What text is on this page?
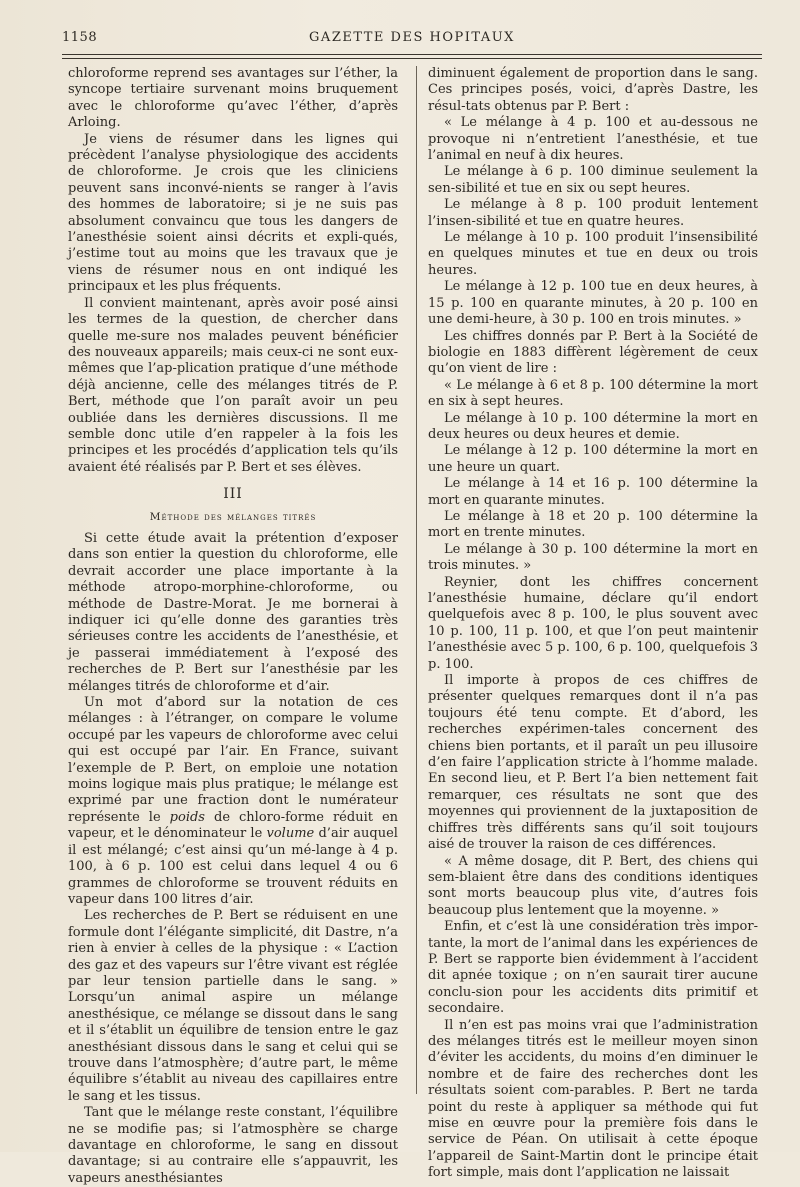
1158	GAZETTE DES HOPITAUX

chloroforme reprend ses avantages sur l’éther, la syncope tertiaire survenant moins bruquement avec le chloroforme qu’avec l’éther, d’après Arloing.

Je viens de résumer dans les lignes qui précèdent l’analyse physiologique des accidents de chloroforme. Je crois que les cliniciens peuvent sans inconvé-nients se ranger à l’avis des hommes de laboratoire; si je ne suis pas absolument convaincu que tous les dangers de l’anesthésie soient ainsi décrits et expli-qués, j’estime tout au moins que les travaux que je viens de résumer nous en ont indiqué les principaux et les plus fréquents.

Il convient maintenant, après avoir posé ainsi les termes de la question, de chercher dans quelle me-sure nos malades peuvent bénéficier des nouveaux appareils; mais ceux-ci ne sont eux-mêmes que l’ap-plication pratique d’une méthode déjà ancienne, celle des mélanges titrés de P. Bert, méthode que l’on paraît avoir un peu oubliée dans les dernières discussions. Il me semble donc utile d’en rappeler à la fois les principes et les procédés d’application tels qu’ils avaient été réalisés par P. Bert et ses élèves.

III
Méthode des mélanges titrés

Si cette étude avait la prétention d’exposer dans son entier la question du chloroforme, elle devrait accorder une place importante à la méthode atropo-morphine-chloroforme, ou méthode de Dastre-Morat. Je me bornerai à indiquer ici qu’elle donne des garanties très sérieuses contre les accidents de l’anesthésie, et je passerai immédiatement à l’exposé des recherches de P. Bert sur l’anesthésie par les mélanges titrés de chloroforme et d’air.

Un mot d’abord sur la notation de ces mélanges : à l’étranger, on compare le volume occupé par les vapeurs de chloroforme avec celui qui est occupé par l’air. En France, suivant l’exemple de P. Bert, on emploie une notation moins logique mais plus pratique; le mélange est exprimé par une fraction dont le numérateur représente le poids de chloro-forme réduit en vapeur, et le dénominateur le volume d’air auquel il est mélangé; c’est ainsi qu’un mé-lange à 4 p. 100, à 6 p. 100 est celui dans lequel 4 ou 6 grammes de chloroforme se trouvent réduits en vapeur dans 100 litres d’air.

Les recherches de P. Bert se réduisent en une formule dont l’élégante simplicité, dit Dastre, n’a rien à envier à celles de la physique : « L’action des gaz et des vapeurs sur l’être vivant est réglée par leur tension partielle dans le sang. » Lorsqu’un animal aspire un mélange anesthésique, ce mélange se dissout dans le sang et il s’établit un équilibre de tension entre le gaz anesthésiant dissous dans le sang et celui qui se trouve dans l’atmosphère; d’autre part, le même équilibre s’établit au niveau des capillaires entre le sang et les tissus.

Tant que le mélange reste constant, l’équilibre ne se modifie pas; si l’atmosphère se charge davantage en chloroforme, le sang en dissout davantage; si au contraire elle s’appauvrit, les vapeurs anesthésiantes

diminuent également de proportion dans le sang. Ces principes posés, voici, d’après Dastre, les résul-tats obtenus par P. Bert :

« Le mélange à 4 p. 100 et au-dessous ne provoque ni n’entretient l’anesthésie, et tue l’animal en neuf à dix heures.

Le mélange à 6 p. 100 diminue seulement la sen-sibilité et tue en six ou sept heures.

Le mélange à 8 p. 100 produit lentement l’insen-sibilité et tue en quatre heures.

Le mélange à 10 p. 100 produit l’insensibilité en quelques minutes et tue en deux ou trois heures.

Le mélange à 12 p. 100 tue en deux heures, à 15 p. 100 en quarante minutes, à 20 p. 100 en une demi-heure, à 30 p. 100 en trois minutes. »

Les chiffres donnés par P. Bert à la Société de biologie en 1883 diffèrent légèrement de ceux qu’on vient de lire :

« Le mélange à 6 et 8 p. 100 détermine la mort en six à sept heures.

Le mélange à 10 p. 100 détermine la mort en deux heures ou deux heures et demie.

Le mélange à 12 p. 100 détermine la mort en une heure un quart.

Le mélange à 14 et 16 p. 100 détermine la mort en quarante minutes.

Le mélange à 18 et 20 p. 100 détermine la mort en trente minutes.

Le mélange à 30 p. 100 détermine la mort en trois minutes. »

Reynier, dont les chiffres concernent l’anesthésie humaine, déclare qu’il endort quelquefois avec 8 p. 100, le plus souvent avec 10 p. 100, 11 p. 100, et que l’on peut maintenir l’anesthésie avec 5 p. 100, 6 p. 100, quelquefois 3 p. 100.

Il importe à propos de ces chiffres de présenter quelques remarques dont il n’a pas toujours été tenu compte. Et d’abord, les recherches expérimen-tales concernent des chiens bien portants, et il paraît un peu illusoire d’en faire l’application stricte à l’homme malade. En second lieu, et P. Bert l’a bien nettement fait remarquer, ces résultats ne sont que des moyennes qui proviennent de la juxtaposition de chiffres très différents sans qu’il soit toujours aisé de trouver la raison de ces différences.

« A même dosage, dit P. Bert, des chiens qui sem-blaient être dans des conditions identiques sont morts beaucoup plus vite, d’autres fois beaucoup plus lentement que la moyenne. »

Enfin, et c’est là une considération très impor-tante, la mort de l’animal dans les expériences de P. Bert se rapporte bien évidemment à l’accident dit apnée toxique ; on n’en saurait tirer aucune conclu-sion pour les accidents dits primitif et secondaire.

Il n’en est pas moins vrai que l’administration des mélanges titrés est le meilleur moyen sinon d’éviter les accidents, du moins d’en diminuer le nombre et de faire des recherches dont les résultats soient com-parables. P. Bert ne tarda point du reste à appliquer sa méthode qui fut mise en œuvre pour la première fois dans le service de Péan. On utilisait à cette époque l’appareil de Saint-Martin dont le principe était fort simple, mais dont l’application ne laissait
